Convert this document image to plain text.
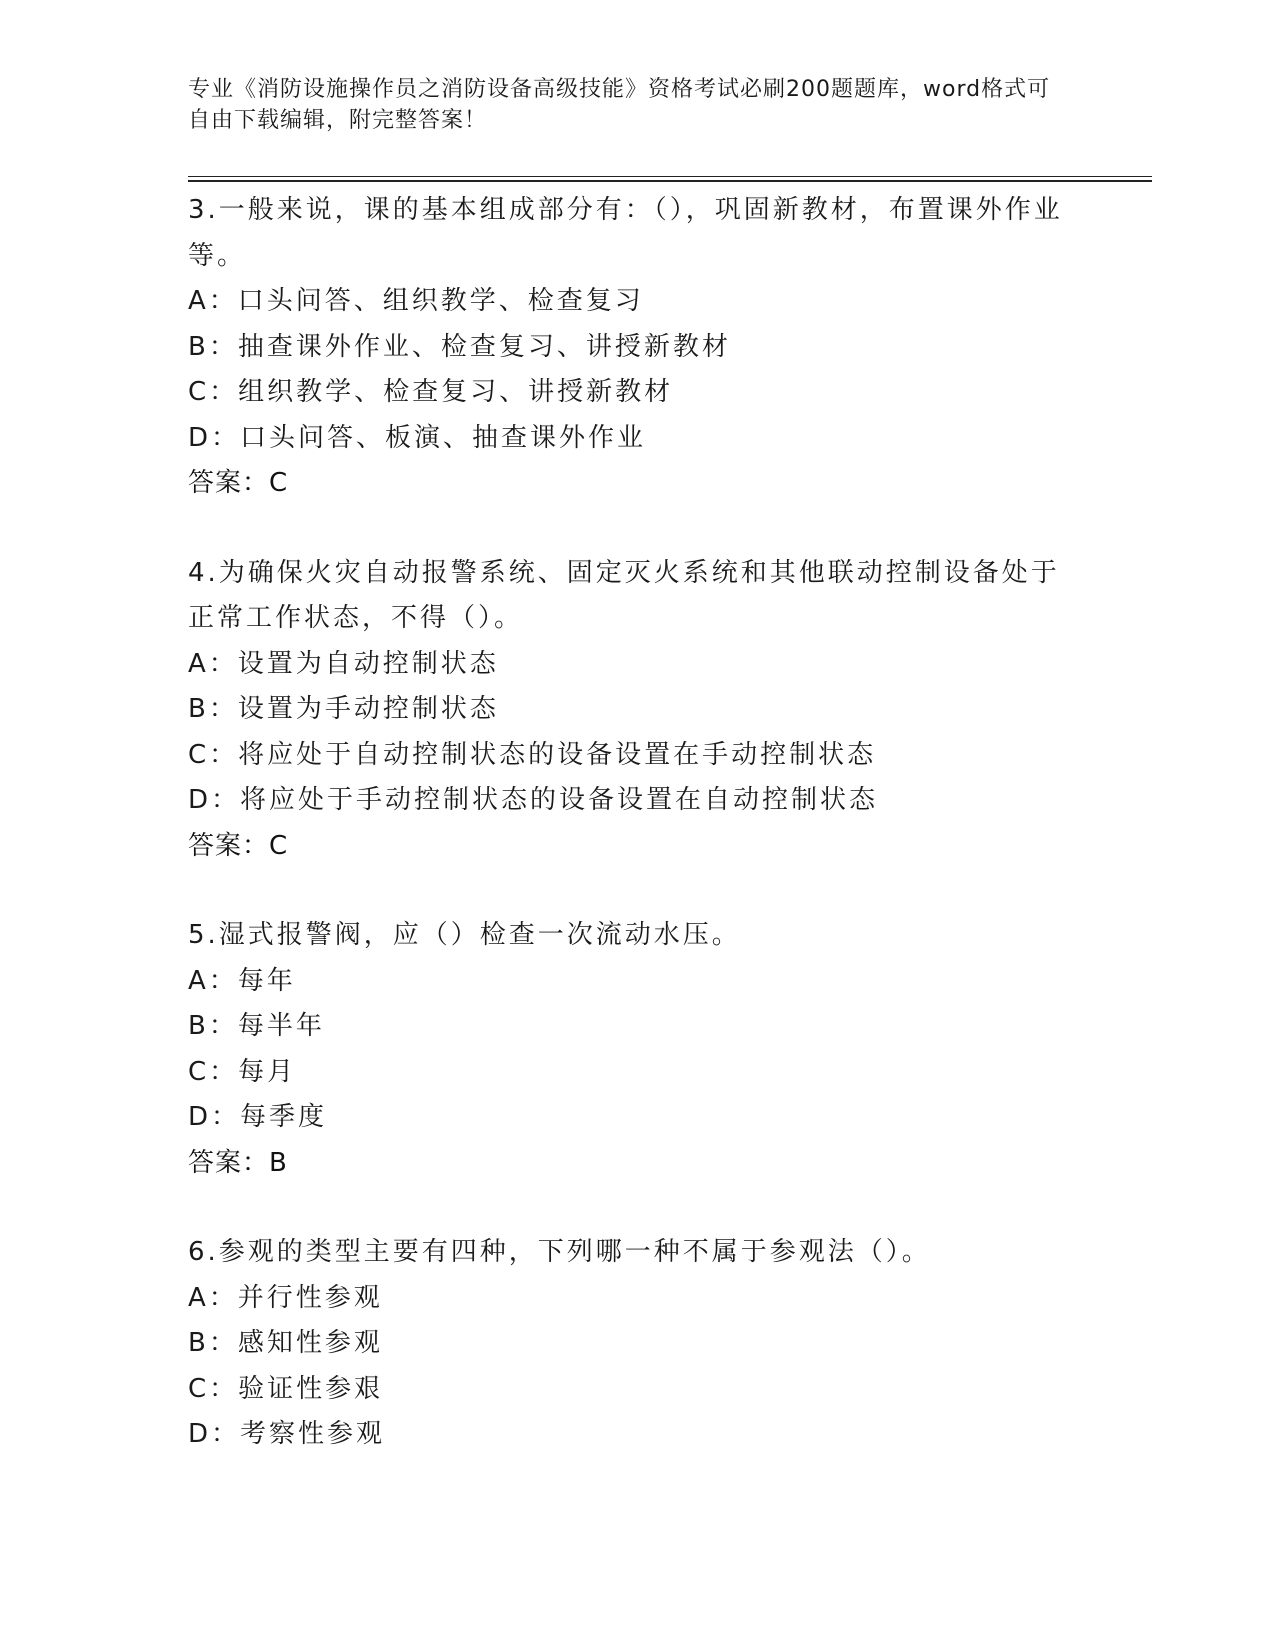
专业《消防设施操作员之消防设备高级技能》资格考试必刷200题题库，word格式可自由下载编辑，附完整答案！

3.一般来说，课的基本组成部分有：（），巩固新教材，布置课外作业等。

A：口头问答、组织教学、检查复习

B：抽查课外作业、检查复习、讲授新教材

C：组织教学、检查复习、讲授新教材

D：口头问答、板演、抽查课外作业

答案：C

4.为确保火灾自动报警系统、固定灭火系统和其他联动控制设备处于正常工作状态，不得（）。

A：设置为自动控制状态

B：设置为手动控制状态

C：将应处于自动控制状态的设备设置在手动控制状态

D：将应处于手动控制状态的设备设置在自动控制状态

答案：C

5.湿式报警阀，应（）检查一次流动水压。

A：每年

B：每半年

C：每月

D：每季度

答案：B

6.参观的类型主要有四种，下列哪一种不属于参观法（）。

A：并行性参观

B：感知性参观

C：验证性参艰

D：考察性参观
